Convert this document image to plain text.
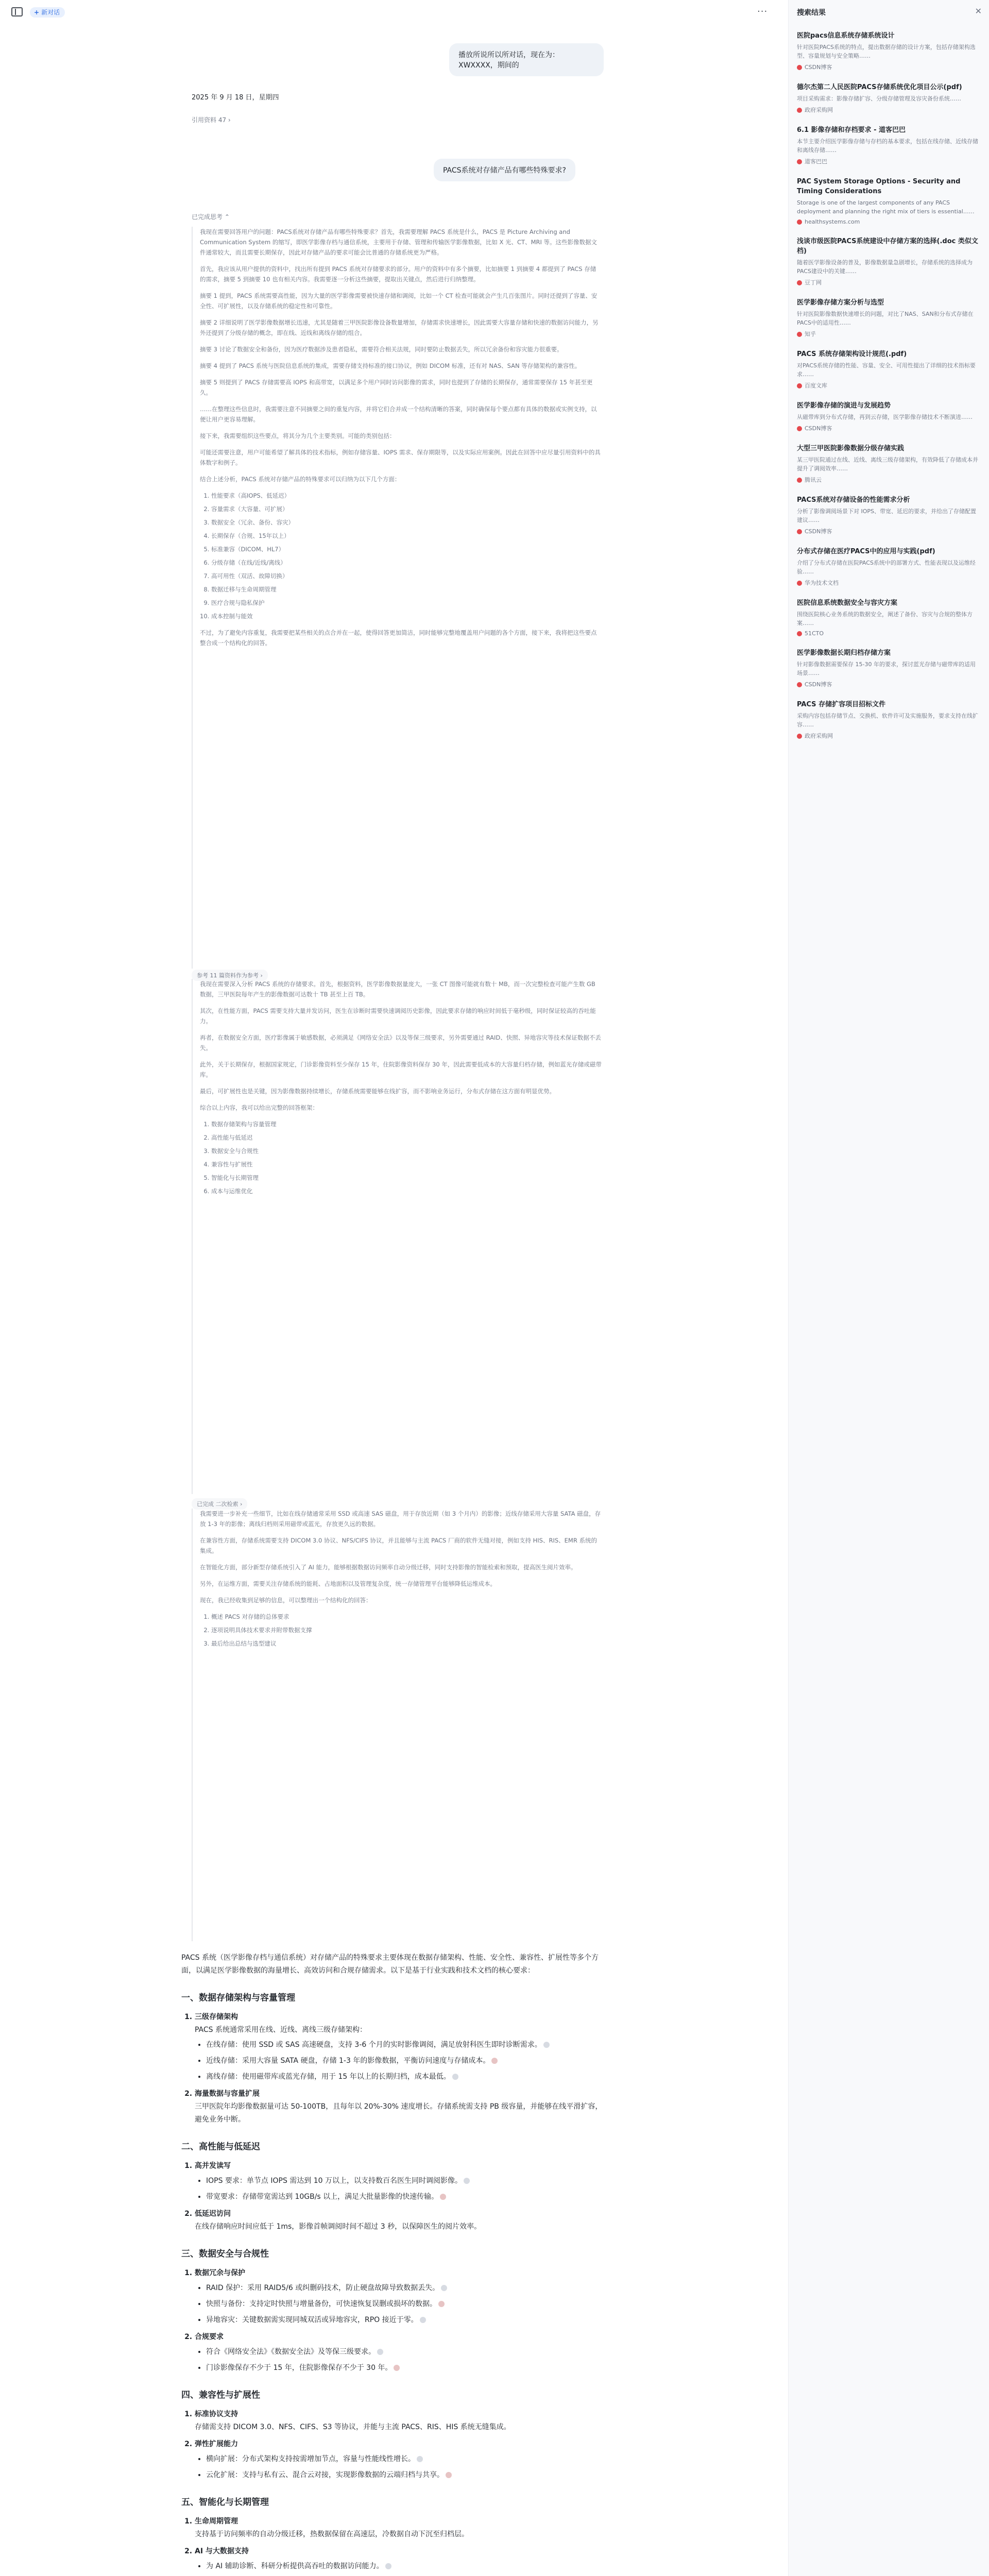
+ 新对话	···
播放所说所以所对话，现在为：XWXXXX，期间的
2025 年 9 月 18 日，星期四
引用资料 47 ›
PACS系统对存储产品有哪些特殊要求?
已完成思考 ⌃

我现在需要回答用户的问题：PACS系统对存储产品有哪些特殊要求？首先，我需要理解 PACS 系统是什么，PACS 是 Picture Archiving and Communication System 的缩写，即医学影像存档与通信系统，主要用于存储、管理和传输医学影像数据，比如 X 光、CT、MRI 等。这些影像数据文件通常较大，而且需要长期保存，因此对存储产品的要求可能会比普通的存储系统更为严格。

首先，我应该从用户提供的资料中，找出所有提到 PACS 系统对存储要求的部分。用户的资料中有多个摘要，比如摘要 1 到摘要 4 都提到了 PACS 存储的需求，摘要 5 到摘要 10 也有相关内容。我需要逐一分析这些摘要，提取出关键点，然后进行归纳整理。

摘要 1 提到，PACS 系统需要高性能，因为大量的医学影像需要被快速存储和调阅，比如一个 CT 检查可能就会产生几百张图片。同时还提到了容量、安全性、可扩展性，以及存储系统的稳定性和可靠性。

摘要 2 详细说明了医学影像数据增长迅速，尤其是随着三甲医院影像设备数量增加，存储需求快速增长，因此需要大容量存储和快速的数据访问能力，另外还提到了分级存储的概念，即在线、近线和离线存储的组合。

摘要 3 讨论了数据安全和备份，因为医疗数据涉及患者隐私，需要符合相关法规，同时要防止数据丢失，所以冗余备份和容灾能力很重要。

摘要 4 提到了 PACS 系统与医院信息系统的集成，需要存储支持标准的接口协议，例如 DICOM 标准，还有对 NAS、SAN 等存储架构的兼容性。

摘要 5 则提到了 PACS 存储需要高 IOPS 和高带宽，以满足多个用户同时访问影像的需求，同时也提到了存储的长期保存，通常需要保存 15 年甚至更久。

……在整理这些信息时，我需要注意不同摘要之间的重复内容，并将它们合并成一个结构清晰的答案，同时确保每个要点都有具体的数据或实例支持，以便让用户更容易理解。

接下来，我需要组织这些要点，将其分为几个主要类别。可能的类别包括：

可能还需要注意，用户可能希望了解具体的技术指标，例如存储容量、IOPS 需求、保存期限等，以及实际应用案例。因此在回答中应尽量引用资料中的具体数字和例子。

结合上述分析，PACS 系统对存储产品的特殊要求可以归纳为以下几个方面：

1. 性能要求（高IOPS、低延迟）
2. 容量需求（大容量、可扩展）
3. 数据安全（冗余、备份、容灾）
4. 长期保存（合规、15年以上）
5. 标准兼容（DICOM、HL7）
6. 分级存储（在线/近线/离线）
7. 高可用性（双活、故障切换）
8. 数据迁移与生命周期管理
9. 医疗合规与隐私保护
10. 成本控制与能效

不过，为了避免内容重复，我需要把某些相关的点合并在一起，使得回答更加简洁，同时能够完整地覆盖用户问题的各个方面，接下来，我将把这些要点整合成一个结构化的回答。

参考 11 篇资料作为参考 ›

我现在需要深入分析 PACS 系统的存储要求。首先，根据资料，医学影像数据量庞大，一张 CT 图像可能就有数十 MB，而一次完整检查可能产生数 GB 数据，三甲医院每年产生的影像数据可达数十 TB 甚至上百 TB。

其次，在性能方面，PACS 需要支持大量并发访问，医生在诊断时需要快速调阅历史影像，因此要求存储的响应时间低于毫秒级，同时保证较高的吞吐能力。

再者，在数据安全方面，医疗影像属于敏感数据，必须满足《网络安全法》以及等保三级要求，另外需要通过 RAID、快照、异地容灾等技术保证数据不丢失。

此外，关于长期保存，根据国家规定，门诊影像资料至少保存 15 年，住院影像资料保存 30 年，因此需要低成本的大容量归档存储，例如蓝光存储或磁带库。

最后，可扩展性也是关键，因为影像数据持续增长，存储系统需要能够在线扩容，而不影响业务运行，分布式存储在这方面有明显优势。

综合以上内容，我可以给出完整的回答框架：

1. 数据存储架构与容量管理
2. 高性能与低延迟
3. 数据安全与合规性
4. 兼容性与扩展性
5. 智能化与长期管理
6. 成本与运维优化
已完成 二次检索 ›

我需要进一步补充一些细节，比如在线存储通常采用 SSD 或高速 SAS 磁盘，用于存放近期（如 3 个月内）的影像；近线存储采用大容量 SATA 磁盘，存放 1-3 年的影像；离线归档则采用磁带或蓝光，存放更久远的数据。

在兼容性方面，存储系统需要支持 DICOM 3.0 协议、NFS/CIFS 协议，并且能够与主流 PACS 厂商的软件无缝对接，例如支持 HIS、RIS、EMR 系统的集成。

在智能化方面，部分新型存储系统引入了 AI 能力，能够根据数据访问频率自动分级迁移，同时支持影像的智能检索和预取，提高医生阅片效率。

另外，在运维方面，需要关注存储系统的能耗、占地面积以及管理复杂度，统一存储管理平台能够降低运维成本。

现在，我已经收集到足够的信息，可以整理出一个结构化的回答：

1. 概述 PACS 对存储的总体要求
2. 逐项说明具体技术要求并附带数据支撑
3. 最后给出总结与选型建议

PACS 系统（医学影像存档与通信系统）对存储产品的特殊要求主要体现在数据存储架构、性能、安全性、兼容性、扩展性等多个方面，以满足医学影像数据的海量增长、高效访问和合规存储需求。以下是基于行业实践和技术文档的核心要求：

一、数据存储架构与容量管理
1. 三级存储架构
PACS 系统通常采用在线、近线、离线三级存储架构：
• 在线存储：使用 SSD 或 SAS 高速硬盘，支持 3-6 个月的实时影像调阅，满足放射科医生即时诊断需求。
• 近线存储：采用大容量 SATA 硬盘，存储 1-3 年的影像数据，平衡访问速度与存储成本。
• 离线存储：使用磁带库或蓝光存储，用于 15 年以上的长期归档，成本最低。
2. 海量数据与容量扩展
三甲医院年均影像数据量可达 50-100TB，且每年以 20%-30% 速度增长。存储系统需支持 PB 级容量，并能够在线平滑扩容，避免业务中断。
二、高性能与低延迟
1. 高并发读写
• IOPS 要求：单节点 IOPS 需达到 10 万以上，以支持数百名医生同时调阅影像。
• 带宽要求：存储带宽需达到 10GB/s 以上，满足大批量影像的快速传输。
2. 低延迟访问
在线存储响应时间应低于 1ms，影像首帧调阅时间不超过 3 秒，以保障医生的阅片效率。
三、数据安全与合规性
1. 数据冗余与保护
• RAID 保护：采用 RAID5/6 或纠删码技术，防止硬盘故障导致数据丢失。
• 快照与备份：支持定时快照与增量备份，可快速恢复误删或损坏的数据。
• 异地容灾：关键数据需实现同城双活或异地容灾，RPO 接近于零。
2. 合规要求
• 符合《网络安全法》《数据安全法》及等保三级要求。
• 门诊影像保存不少于 15 年，住院影像保存不少于 30 年。
四、兼容性与扩展性
1. 标准协议支持
存储需支持 DICOM 3.0、NFS、CIFS、S3 等协议，并能与主流 PACS、RIS、HIS 系统无缝集成。
2. 弹性扩展能力
• 横向扩展：分布式架构支持按需增加节点，容量与性能线性增长。
• 云化扩展：支持与私有云、混合云对接，实现影像数据的云端归档与共享。
五、智能化与长期管理
1. 生命周期管理
支持基于访问频率的自动分级迁移，热数据保留在高速层，冷数据自动下沉至归档层。
2. AI 与大数据支持
• 为 AI 辅助诊断、科研分析提供高吞吐的数据访问能力。

搜索结果	✕
医院pacs信息系统存储系统设计
针对医院PACS系统的特点，提出数据存储的设计方案，包括存储架构选型、容量规划与安全策略……
CSDN博客
德尔杰第二人民医院PACS存储系统优化项目公示(pdf)
项目采购需求：影像存储扩容、分级存储管理及容灾备份系统……
政府采购网
6.1 影像存储和存档要求 - 道客巴巴
本节主要介绍医学影像存储与存档的基本要求，包括在线存储、近线存储和离线存储……
道客巴巴
PAC System Storage Options - Security and Timing Considerations
Storage is one of the largest components of any PACS deployment and planning the right mix of tiers is essential……
healthsystems.com
浅谈市级医院PACS系统建设中存储方案的选择(.doc 类似文档)
随着医学影像设备的普及，影像数据量急剧增长，存储系统的选择成为PACS建设中的关键……
豆丁网
医学影像存储方案分析与选型
针对医院影像数据快速增长的问题，对比了NAS、SAN和分布式存储在PACS中的适用性……
知乎
PACS 系统存储架构设计规范(.pdf)
对PACS系统存储的性能、容量、安全、可用性提出了详细的技术指标要求……
百度文库
医学影像存储的演进与发展趋势
从磁带库到分布式存储，再到云存储，医学影像存储技术不断演进……
CSDN博客
大型三甲医院影像数据分级存储实践
某三甲医院通过在线、近线、离线三级存储架构，有效降低了存储成本并提升了调阅效率……
腾讯云
PACS系统对存储设备的性能需求分析
分析了影像调阅场景下对 IOPS、带宽、延迟的要求，并给出了存储配置建议……
CSDN博客
分布式存储在医疗PACS中的应用与实践(pdf)
介绍了分布式存储在医院PACS系统中的部署方式、性能表现以及运维经验……
华为技术文档
医院信息系统数据安全与容灾方案
围绕医院核心业务系统的数据安全，阐述了备份、容灾与合规的整体方案……
51CTO
医学影像数据长期归档存储方案
针对影像数据需要保存 15-30 年的要求，探讨蓝光存储与磁带库的适用场景……
CSDN博客
PACS 存储扩容项目招标文件
采购内容包括存储节点、交换机、软件许可及实施服务，要求支持在线扩容……
政府采购网
